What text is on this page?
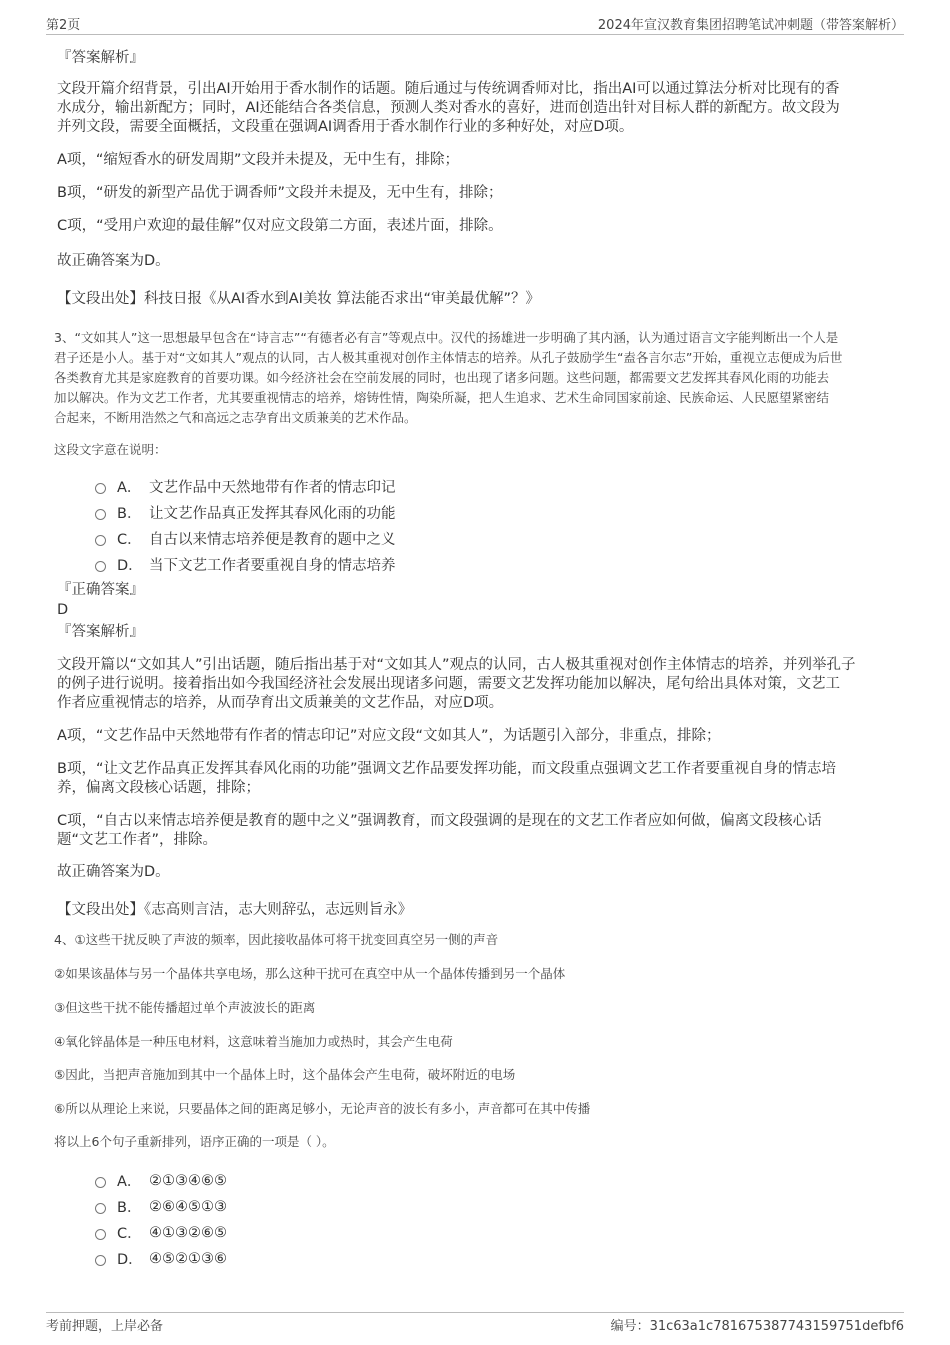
第2页	2024年宣汉教育集团招聘笔试冲刺题（带答案解析）
『答案解析』
文段开篇介绍背景，引出AI开始用于香水制作的话题。随后通过与传统调香师对比，指出AI可以通过算法分析对比现有的香
水成分，输出新配方；同时，AI还能结合各类信息，预测人类对香水的喜好，进而创造出针对目标人群的新配方。故文段为
并列文段，需要全面概括，文段重在强调AI调香用于香水制作行业的多种好处，对应D项。
A项，“缩短香水的研发周期”文段并未提及，无中生有，排除；
B项，“研发的新型产品优于调香师”文段并未提及，无中生有，排除；
C项，“受用户欢迎的最佳解”仅对应文段第二方面，表述片面，排除。
故正确答案为D。
【文段出处】科技日报《从AI香水到AI美妆 算法能否求出“审美最优解”？》
3、“文如其人”这一思想最早包含在“诗言志”“有德者必有言”等观点中。汉代的扬雄进一步明确了其内涵，认为通过语言文字能判断出一个人是
君子还是小人。基于对“文如其人”观点的认同，古人极其重视对创作主体情志的培养。从孔子鼓励学生“盍各言尔志”开始，重视立志便成为后世
各类教育尤其是家庭教育的首要功课。如今经济社会在空前发展的同时，也出现了诸多问题。这些问题，都需要文艺发挥其春风化雨的功能去
加以解决。作为文艺工作者，尤其要重视情志的培养，熔铸性情，陶染所凝，把人生追求、艺术生命同国家前途、民族命运、人民愿望紧密结
合起来，不断用浩然之气和高远之志孕育出文质兼美的艺术作品。
这段文字意在说明：
A． 文艺作品中天然地带有作者的情志印记
B． 让文艺作品真正发挥其春风化雨的功能
C． 自古以来情志培养便是教育的题中之义
D． 当下文艺工作者要重视自身的情志培养
『正确答案』
D
『答案解析』
文段开篇以“文如其人”引出话题，随后指出基于对“文如其人”观点的认同，古人极其重视对创作主体情志的培养，并列举孔子
的例子进行说明。接着指出如今我国经济社会发展出现诸多问题，需要文艺发挥功能加以解决，尾句给出具体对策，文艺工
作者应重视情志的培养，从而孕育出文质兼美的文艺作品，对应D项。
A项，“文艺作品中天然地带有作者的情志印记”对应文段“文如其人”，为话题引入部分，非重点，排除；
B项，“让文艺作品真正发挥其春风化雨的功能”强调文艺作品要发挥功能，而文段重点强调文艺工作者要重视自身的情志培
养，偏离文段核心话题，排除；
C项，“自古以来情志培养便是教育的题中之义”强调教育，而文段强调的是现在的文艺工作者应如何做，偏离文段核心话
题“文艺工作者”，排除。
故正确答案为D。
【文段出处】《志高则言洁，志大则辞弘，志远则旨永》
4、①这些干扰反映了声波的频率，因此接收晶体可将干扰变回真空另一侧的声音
②如果该晶体与另一个晶体共享电场，那么这种干扰可在真空中从一个晶体传播到另一个晶体
③但这些干扰不能传播超过单个声波波长的距离
④氧化锌晶体是一种压电材料，这意味着当施加力或热时，其会产生电荷
⑤因此，当把声音施加到其中一个晶体上时，这个晶体会产生电荷，破坏附近的电场
⑥所以从理论上来说，只要晶体之间的距离足够小，无论声音的波长有多小，声音都可在其中传播
将以上6个句子重新排列，语序正确的一项是（ ）。
A． ②①③④⑥⑤
B． ②⑥④⑤①③
C． ④①③②⑥⑤
D． ④⑤②①③⑥
考前押题，上岸必备	编号：31c63a1c781675387743159751defbf6
